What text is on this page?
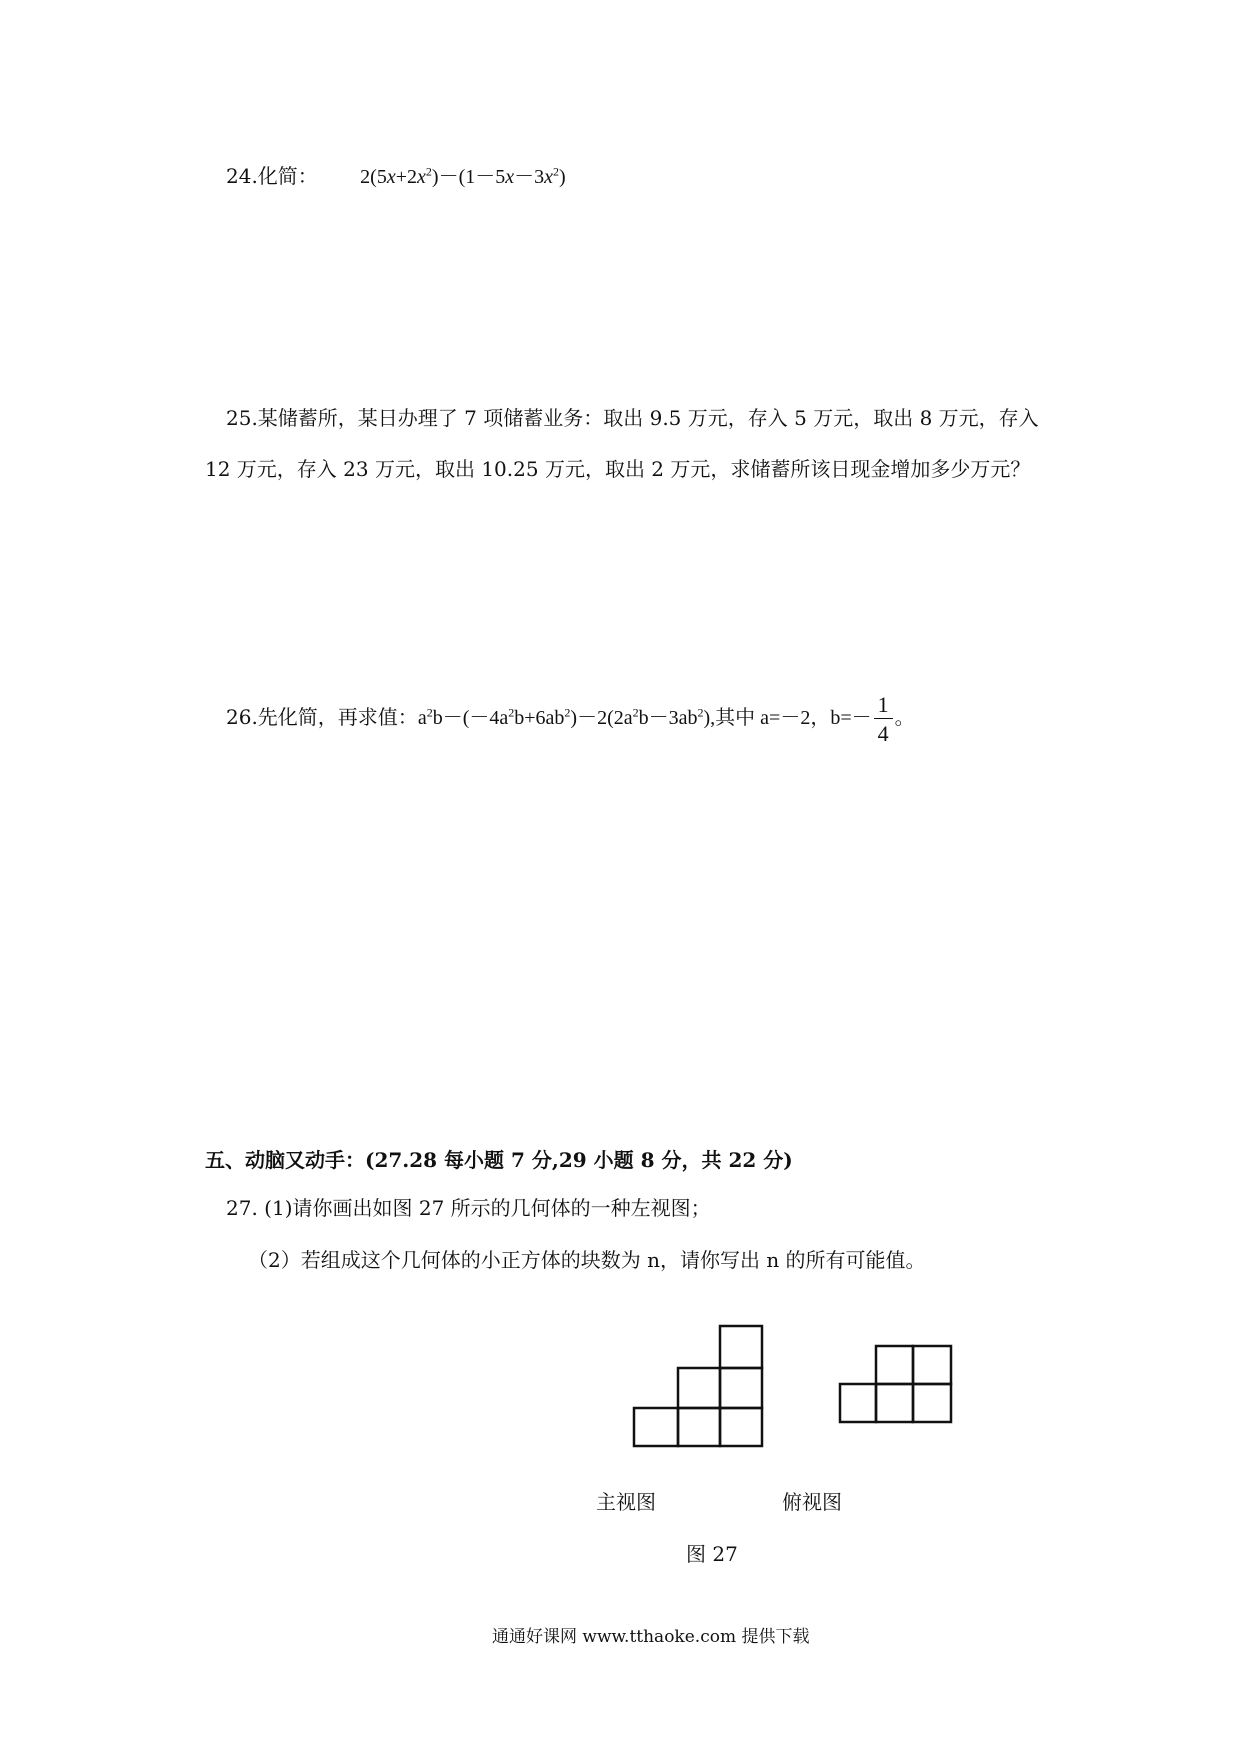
24.化简： $2(5x+2x^2)-(1-5x-3x^2)$
25.某储蓄所，某日办理了 7 项储蓄业务：取出 9.5 万元，存入 5 万元，取出 8 万元，存入
12 万元，存入 23 万元，取出 10.25 万元，取出 2 万元，求储蓄所该日现金增加多少万元？
26.先化简，再求值：$a^2b-(-4a^2b+6ab^2)-2(2a^2b-3ab^2)$,其中 a=－2，$b=- \frac{1}{4}$ 。
五、动脑又动手：(27.28 每小题 7 分,29 小题 8 分，共 22 分)
27. (1)请你画出如图 27 所示的几何体的一种左视图；
（2）若组成这个几何体的小正方体的块数为 n，请你写出 n 的所有可能值。
主视图	俯视图
图 27
通通好课网 www.tthaoke.com 提供下载
